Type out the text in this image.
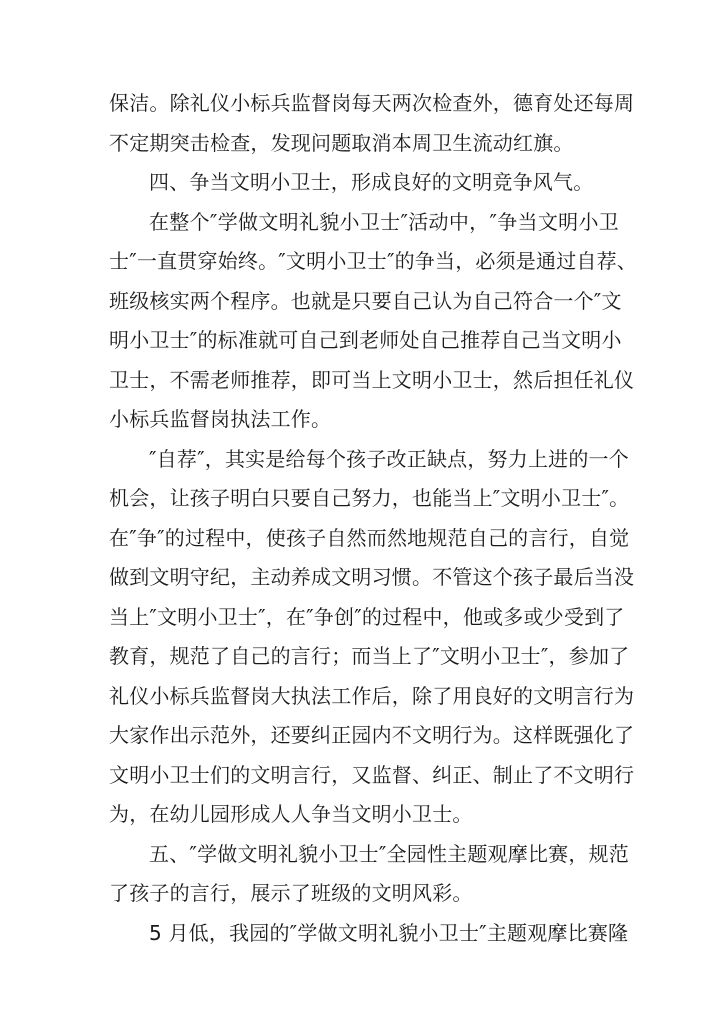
保洁。除礼仪小标兵监督岗每天两次检查外，德育处还每周
不定期突击检查，发现问题取消本周卫生流动红旗。
四、争当文明小卫士，形成良好的文明竞争风气。
在整个″学做文明礼貌小卫士″活动中，″争当文明小卫
士″一直贯穿始终。″文明小卫士″的争当，必须是通过自荐、
班级核实两个程序。也就是只要自己认为自己符合一个″文
明小卫士″的标准就可自己到老师处自己推荐自己当文明小
卫士，不需老师推荐，即可当上文明小卫士，然后担任礼仪
小标兵监督岗执法工作。
″自荐″，其实是给每个孩子改正缺点，努力上进的一个
机会，让孩子明白只要自己努力，也能当上″文明小卫士″。
在″争″的过程中，使孩子自然而然地规范自己的言行，自觉
做到文明守纪，主动养成文明习惯。不管这个孩子最后当没
当上″文明小卫士″，在″争创″的过程中，他或多或少受到了
教育，规范了自己的言行；而当上了″文明小卫士″，参加了
礼仪小标兵监督岗大执法工作后，除了用良好的文明言行为
大家作出示范外，还要纠正园内不文明行为。这样既强化了
文明小卫士们的文明言行，又监督、纠正、制止了不文明行
为，在幼儿园形成人人争当文明小卫士。
五、″学做文明礼貌小卫士″全园性主题观摩比赛，规范
了孩子的言行，展示了班级的文明风彩。
5 月低，我园的″学做文明礼貌小卫士″主题观摩比赛隆
